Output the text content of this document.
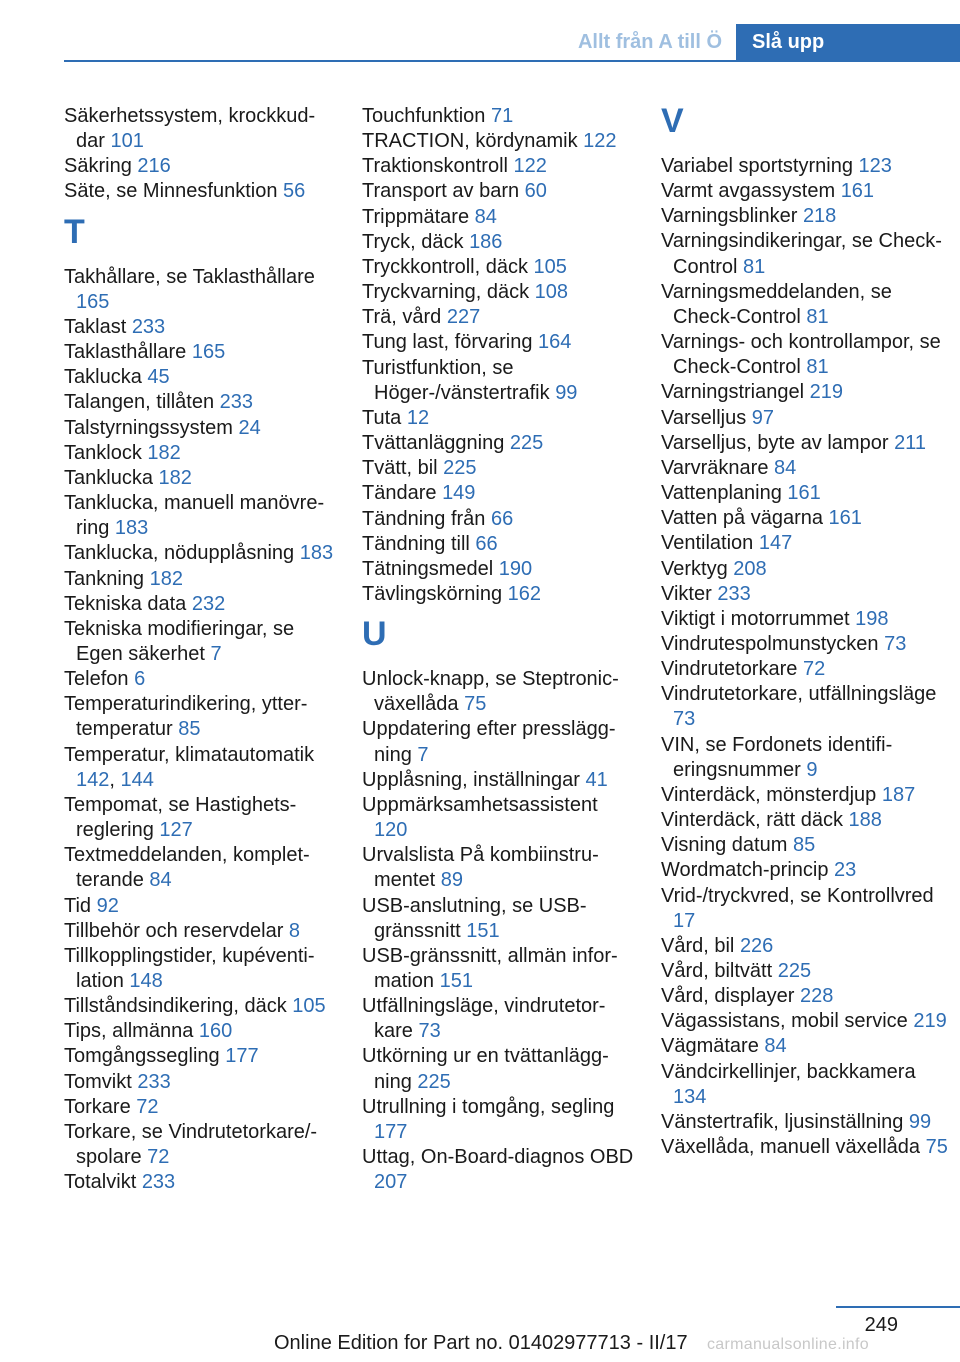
Allt från A till Ö	Slå upp
Säkerhetssystem, krockkuddar 101
Säkring 216
Säte, se Minnesfunktion 56
T
Takhållare, se Taklasthållare 165
Taklast 233
Taklasthållare 165
Taklucka 45
Talangen, tillåten 233
Talstyrningssystem 24
Tanklock 182
Tanklucka 182
Tanklucka, manuell manövrering 183
Tanklucka, nödupplåsning 183
Tankning 182
Tekniska data 232
Tekniska modifieringar, se Egen säkerhet 7
Telefon 6
Temperaturindikering, yttertemperatur 85
Temperatur, klimatautomatik 142, 144
Tempomat, se Hastighetsreglering 127
Textmeddelanden, kompletterande 84
Tid 92
Tillbehör och reservdelar 8
Tillkopplingstider, kupéventilation 148
Tillståndsindikering, däck 105
Tips, allmänna 160
Tomgångssegling 177
Tomvikt 233
Torkare 72
Torkare, se Vindrutetorkare/spolare 72
Totalvikt 233
Touchfunktion 71
TRACTION, kördynamik 122
Traktionskontroll 122
Transport av barn 60
Trippmätare 84
Tryck, däck 186
Tryckkontroll, däck 105
Tryckvarning, däck 108
Trä, vård 227
Tung last, förvaring 164
Turistfunktion, se Höger-/vänstertrafik 99
Tuta 12
Tvättanläggning 225
Tvätt, bil 225
Tändare 149
Tändning från 66
Tändning till 66
Tätningsmedel 190
Tävlingskörning 162
U
Unlock-knapp, se Steptronic-växellåda 75
Uppdatering efter pressläggning 7
Upplåsning, inställningar 41
Uppmärksamhetsassistent 120
Urvalslista På kombiinstrumentet 89
USB-anslutning, se USB-gränssnitt 151
USB-gränssnitt, allmän information 151
Utfällningsläge, vindrutetorkare 73
Utkörning ur en tvättanläggning 225
Utrullning i tomgång, segling 177
Uttag, On-Board-diagnos OBD 207
V
Variabel sportstyrning 123
Varmt avgassystem 161
Varningsblinker 218
Varningsindikeringar, se Check-Control 81
Varningsmeddelanden, se Check-Control 81
Varnings- och kontrollampor, se Check-Control 81
Varningstriangel 219
Varselljus 97
Varselljus, byte av lampor 211
Varvräknare 84
Vattenplaning 161
Vatten på vägarna 161
Ventilation 147
Verktyg 208
Vikter 233
Viktigt i motorrummet 198
Vindrutespolmunstycken 73
Vindrutetorkare 72
Vindrutetorkare, utfällningsläge 73
VIN, se Fordonets identifieringsnummer 9
Vinterdäck, mönsterdjup 187
Vinterdäck, rätt däck 188
Visning datum 85
Wordmatch-princip 23
Vrid-/tryckvred, se Kontrollvred 17
Vård, bil 226
Vård, biltvätt 225
Vård, displayer 228
Vägassistans, mobil service 219
Vägmätare 84
Vändcirkellinjer, backkamera 134
Vänstertrafik, ljusinställning 99
Växellåda, manuell växellåda 75
249
Online Edition for Part no. 01402977713 - II/17 carmanualsonline.info
